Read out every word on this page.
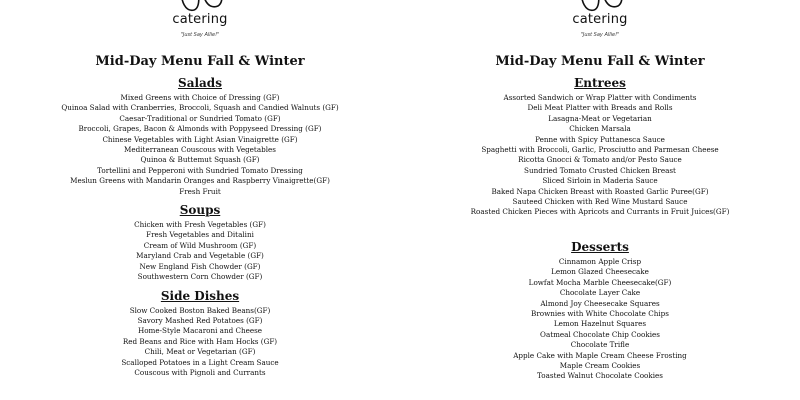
catering
"Just Say Allie!"
Mid-Day Menu Fall & Winter
Salads
Mixed Greens with Choice of Dressing (GF)
Quinoa Salad with Cranberries, Broccoli, Squash and Candied Walnuts (GF)
Caesar-Traditional or Sundried Tomato (GF)
Broccoli, Grapes, Bacon & Almonds with Poppyseed Dressing (GF)
Chinese Vegetables with Light Asian Vinaigrette (GF)
Mediterranean Couscous with Vegetables
Quinoa & Buttemut Squash (GF)
Tortellini and Pepperoni with Sundried Tomato Dressing
Meslun Greens with Mandarin Oranges and Raspberry Vinaigrette(GF)
Fresh Fruit
Soups
Chicken with Fresh Vegetables (GF)
Fresh Vegetables and Ditalini
Cream of Wild Mushroom (GF)
Maryland Crab and Vegetable (GF)
New England Fish Chowder (GF)
Southwestern Corn Chowder (GF)
Side Dishes
Slow Cooked Boston Baked Beans(GF)
Savory Mashed Red Potatoes (GF)
Home-Style Macaroni and Cheese
Red Beans and Rice with Ham Hocks (GF)
Chili, Meat or Vegetarian (GF)
Scalloped Potatoes in a Light Cream Sauce
Couscous with Pignoli and Currants
catering
"Just Say Allie!"
Mid-Day Menu Fall & Winter
Entrees
Assorted Sandwich or Wrap Platter with Condiments
Deli Meat Platter with Breads and Rolls
Lasagna-Meat or Vegetarian
Chicken Marsala
Penne with Spicy Puttanesca Sauce
Spaghetti with Broccoli, Garlic, Prosciutto and Parmesan Cheese
Ricotta Gnocci & Tomato and/or Pesto Sauce
Sundried Tomato Crusted Chicken Breast
Sliced Sirloin in Maderia Sauce
Baked Napa Chicken Breast with Roasted Garlic Puree(GF)
Sauteed Chicken with Red Wine Mustard Sauce
Roasted Chicken Pieces with Apricots and Currants in Fruit Juices(GF)
Desserts
Cinnamon Apple Crisp
Lemon Glazed Cheesecake
Lowfat Mocha Marble Cheesecake(GF)
Chocolate Layer Cake
Almond Joy Cheesecake Squares
Brownies with White Chocolate Chips
Lemon Hazelnut Squares
Oatmeal Chocolate Chip Cookies
Chocolate Trifle
Apple Cake with Maple Cream Cheese Frosting
Maple Cream Cookies
Toasted Walnut Chocolate Cookies
